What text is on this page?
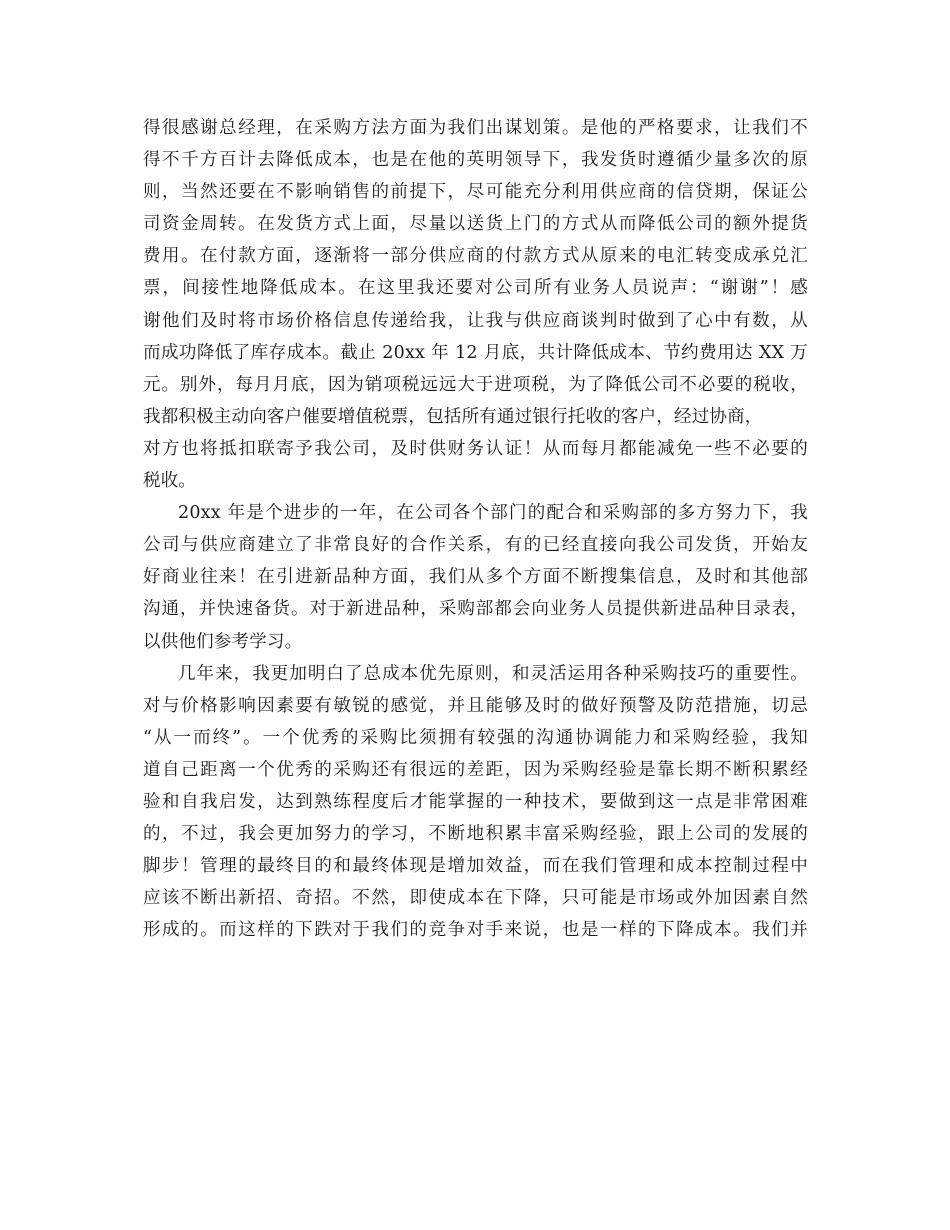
得很感谢总经理，在采购方法方面为我们出谋划策。是他的严格要求，让我们不
得不千方百计去降低成本，也是在他的英明领导下，我发货时遵循少量多次的原
则，当然还要在不影响销售的前提下，尽可能充分利用供应商的信贷期，保证公
司资金周转。在发货方式上面，尽量以送货上门的方式从而降低公司的额外提货
费用。在付款方面，逐渐将一部分供应商的付款方式从原来的电汇转变成承兑汇
票，间接性地降低成本。在这里我还要对公司所有业务人员说声：“谢谢”！感
谢他们及时将市场价格信息传递给我，让我与供应商谈判时做到了心中有数，从
而成功降低了库存成本。截止 20xx 年 12 月底，共计降低成本、节约费用达 XX 万
元。别外，每月月底，因为销项税远远大于进项税，为了降低公司不必要的税收，
我都积极主动向客户催要增值税票，包括所有通过银行托收的客户，经过协商，
对方也将抵扣联寄予我公司，及时供财务认证！从而每月都能减免一些不必要的
税收。
20xx 年是个进步的一年，在公司各个部门的配合和采购部的多方努力下，我
公司与供应商建立了非常良好的合作关系，有的已经直接向我公司发货，开始友
好商业往来！在引进新品种方面，我们从多个方面不断搜集信息，及时和其他部
沟通，并快速备货。对于新进品种，采购部都会向业务人员提供新进品种目录表，
以供他们参考学习。
几年来，我更加明白了总成本优先原则，和灵活运用各种采购技巧的重要性。
对与价格影响因素要有敏锐的感觉，并且能够及时的做好预警及防范措施，切忌
“从一而终”。一个优秀的采购比须拥有较强的沟通协调能力和采购经验，我知
道自己距离一个优秀的采购还有很远的差距，因为采购经验是靠长期不断积累经
验和自我启发，达到熟练程度后才能掌握的一种技术，要做到这一点是非常困难
的，不过，我会更加努力的学习，不断地积累丰富采购经验，跟上公司的发展的
脚步！管理的最终目的和最终体现是增加效益，而在我们管理和成本控制过程中
应该不断出新招、奇招。不然，即使成本在下降，只可能是市场或外加因素自然
形成的。而这样的下跌对于我们的竞争对手来说，也是一样的下降成本。我们并
